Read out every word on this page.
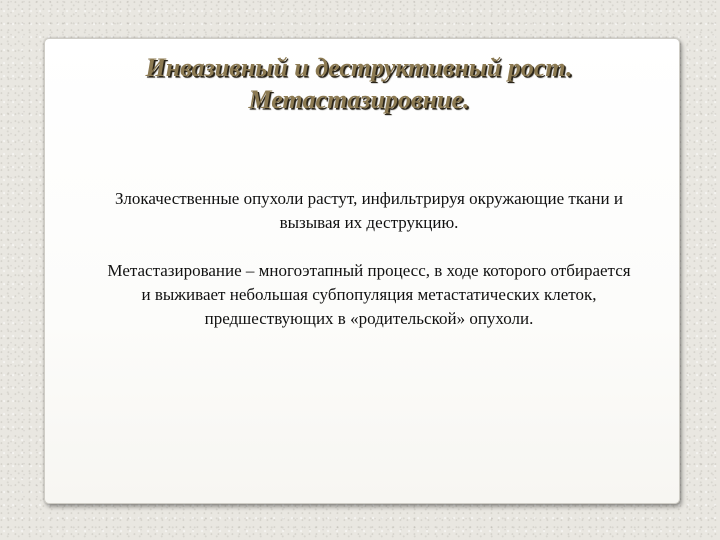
Инвазивный и деструктивный рост.
Метастазировние.

Злокачественные опухоли растут, инфильтрируя окружающие ткани и
вызывая их деструкцию.

Метастазирование – многоэтапный процесс, в ходе которого отбирается
и выживает небольшая субпопуляция метастатических клеток,
предшествующих в «родительской» опухоли.
